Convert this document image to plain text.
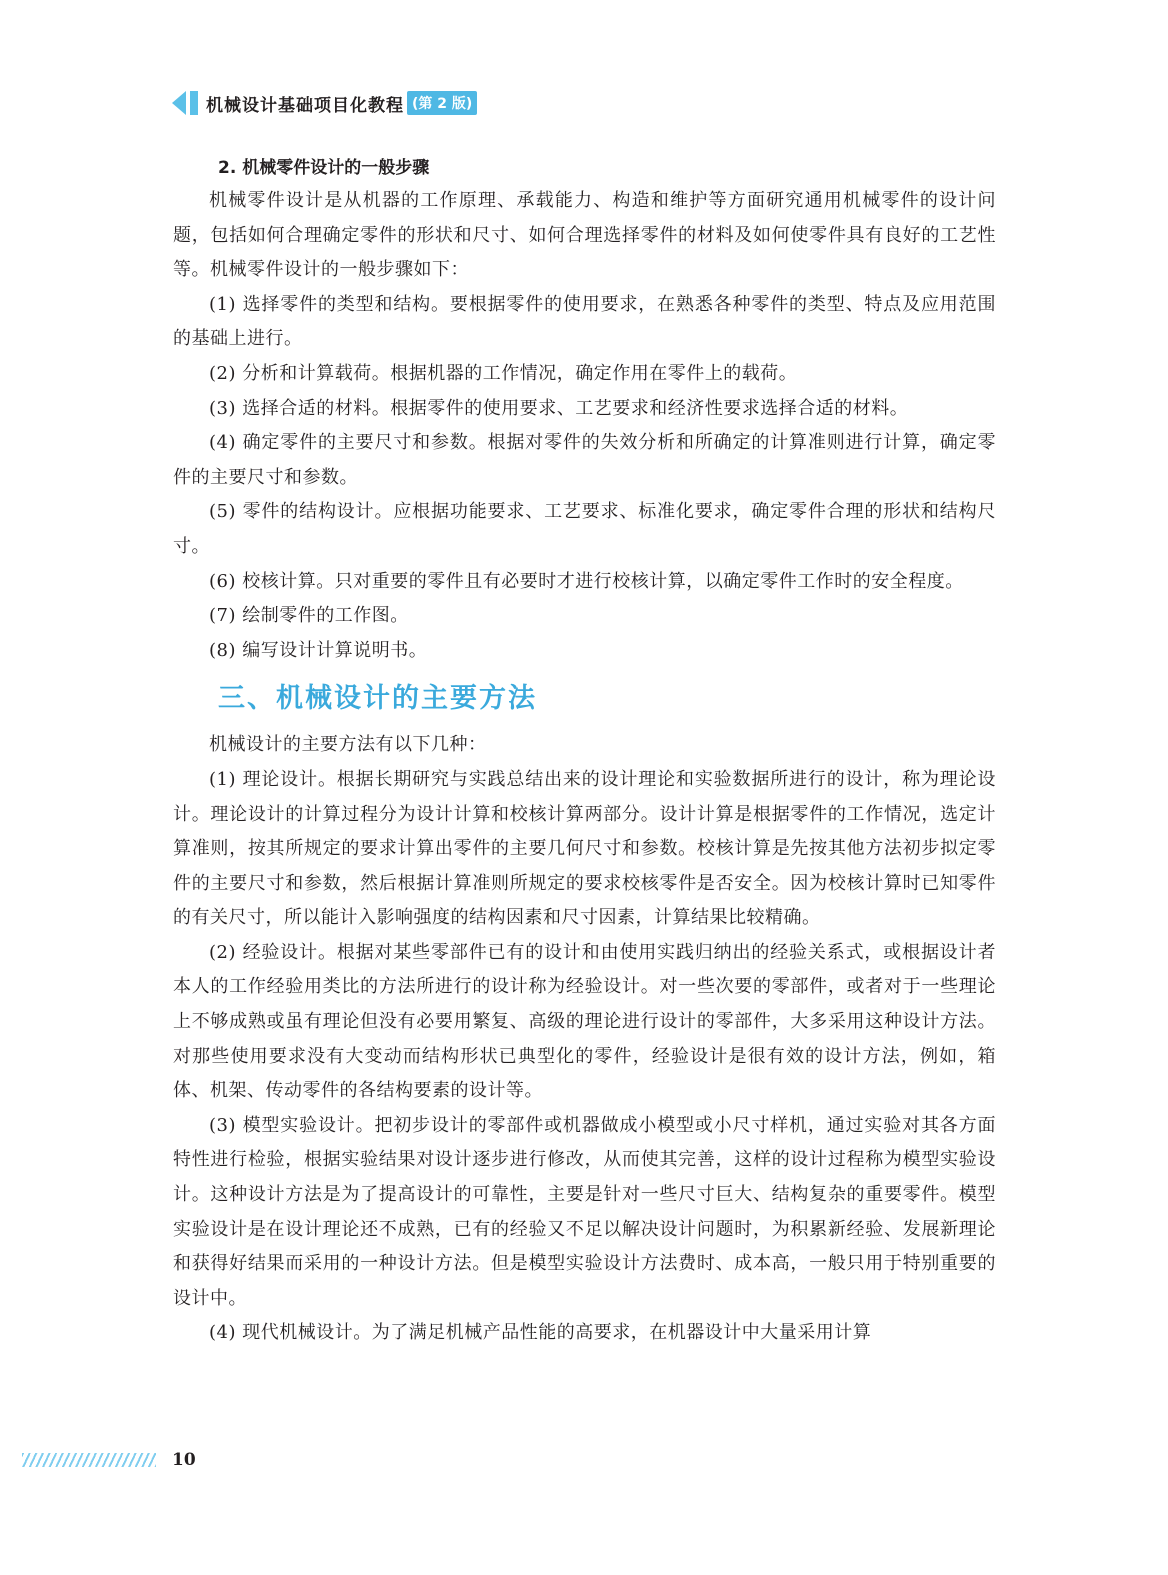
机械设计基础项目化教程 (第 2 版)
2. 机械零件设计的一般步骤

机械零件设计是从机器的工作原理、承载能力、构造和维护等方面研究通用机械零件的设计问题，包括如何合理确定零件的形状和尺寸、如何合理选择零件的材料及如何使零件具有良好的工艺性等。机械零件设计的一般步骤如下：

(1) 选择零件的类型和结构。要根据零件的使用要求，在熟悉各种零件的类型、特点及应用范围的基础上进行。

(2) 分析和计算载荷。根据机器的工作情况，确定作用在零件上的载荷。

(3) 选择合适的材料。根据零件的使用要求、工艺要求和经济性要求选择合适的材料。

(4) 确定零件的主要尺寸和参数。根据对零件的失效分析和所确定的计算准则进行计算，确定零件的主要尺寸和参数。

(5) 零件的结构设计。应根据功能要求、工艺要求、标准化要求，确定零件合理的形状和结构尺寸。

(6) 校核计算。只对重要的零件且有必要时才进行校核计算，以确定零件工作时的安全程度。

(7) 绘制零件的工作图。

(8) 编写设计计算说明书。

三、机械设计的主要方法

机械设计的主要方法有以下几种：

(1) 理论设计。根据长期研究与实践总结出来的设计理论和实验数据所进行的设计，称为理论设计。理论设计的计算过程分为设计计算和校核计算两部分。设计计算是根据零件的工作情况，选定计算准则，按其所规定的要求计算出零件的主要几何尺寸和参数。校核计算是先按其他方法初步拟定零件的主要尺寸和参数，然后根据计算准则所规定的要求校核零件是否安全。因为校核计算时已知零件的有关尺寸，所以能计入影响强度的结构因素和尺寸因素，计算结果比较精确。

(2) 经验设计。根据对某些零部件已有的设计和由使用实践归纳出的经验关系式，或根据设计者本人的工作经验用类比的方法所进行的设计称为经验设计。对一些次要的零部件，或者对于一些理论上不够成熟或虽有理论但没有必要用繁复、高级的理论进行设计的零部件，大多采用这种设计方法。对那些使用要求没有大变动而结构形状已典型化的零件，经验设计是很有效的设计方法，例如，箱体、机架、传动零件的各结构要素的设计等。

(3) 模型实验设计。把初步设计的零部件或机器做成小模型或小尺寸样机，通过实验对其各方面特性进行检验，根据实验结果对设计逐步进行修改，从而使其完善，这样的设计过程称为模型实验设计。这种设计方法是为了提高设计的可靠性，主要是针对一些尺寸巨大、结构复杂的重要零件。模型实验设计是在设计理论还不成熟，已有的经验又不足以解决设计问题时，为积累新经验、发展新理论和获得好结果而采用的一种设计方法。但是模型实验设计方法费时、成本高，一般只用于特别重要的设计中。

(4) 现代机械设计。为了满足机械产品性能的高要求，在机器设计中大量采用计算

10
